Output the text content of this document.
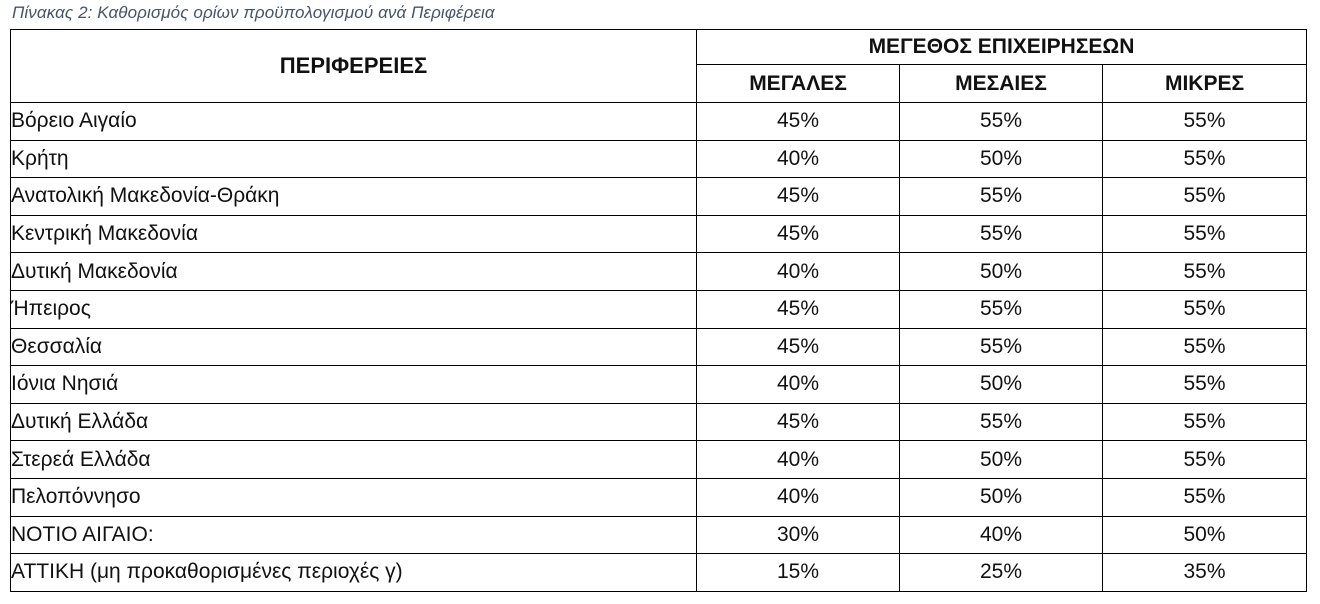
Πίνακας 2: Καθορισμός ορίων προϋπολογισμού ανά Περιφέρεια
ΠΕΡΙΦΕΡΕΙΕΣ	ΜΕΓΕΘΟΣ ΕΠΙΧΕΙΡΗΣΕΩΝ		
	ΜΕΓΑΛΕΣ	ΜΕΣΑΙΕΣ	ΜΙΚΡΕΣ
Βόρειο Αιγαίο	45%	55%	55%
Κρήτη	40%	50%	55%
Ανατολική Μακεδονία-Θράκη	45%	55%	55%
Κεντρική Μακεδονία	45%	55%	55%
Δυτική Μακεδονία	40%	50%	55%
Ήπειρος	45%	55%	55%
Θεσσαλία	45%	55%	55%
Ιόνια Νησιά	40%	50%	55%
Δυτική Ελλάδα	45%	55%	55%
Στερεά Ελλάδα	40%	50%	55%
Πελοπόννησο	40%	50%	55%
ΝΟΤΙΟ ΑΙΓΑΙΟ:	30%	40%	50%
ΑΤΤΙΚΗ (μη προκαθορισμένες περιοχές γ)	15%	25%	35%
